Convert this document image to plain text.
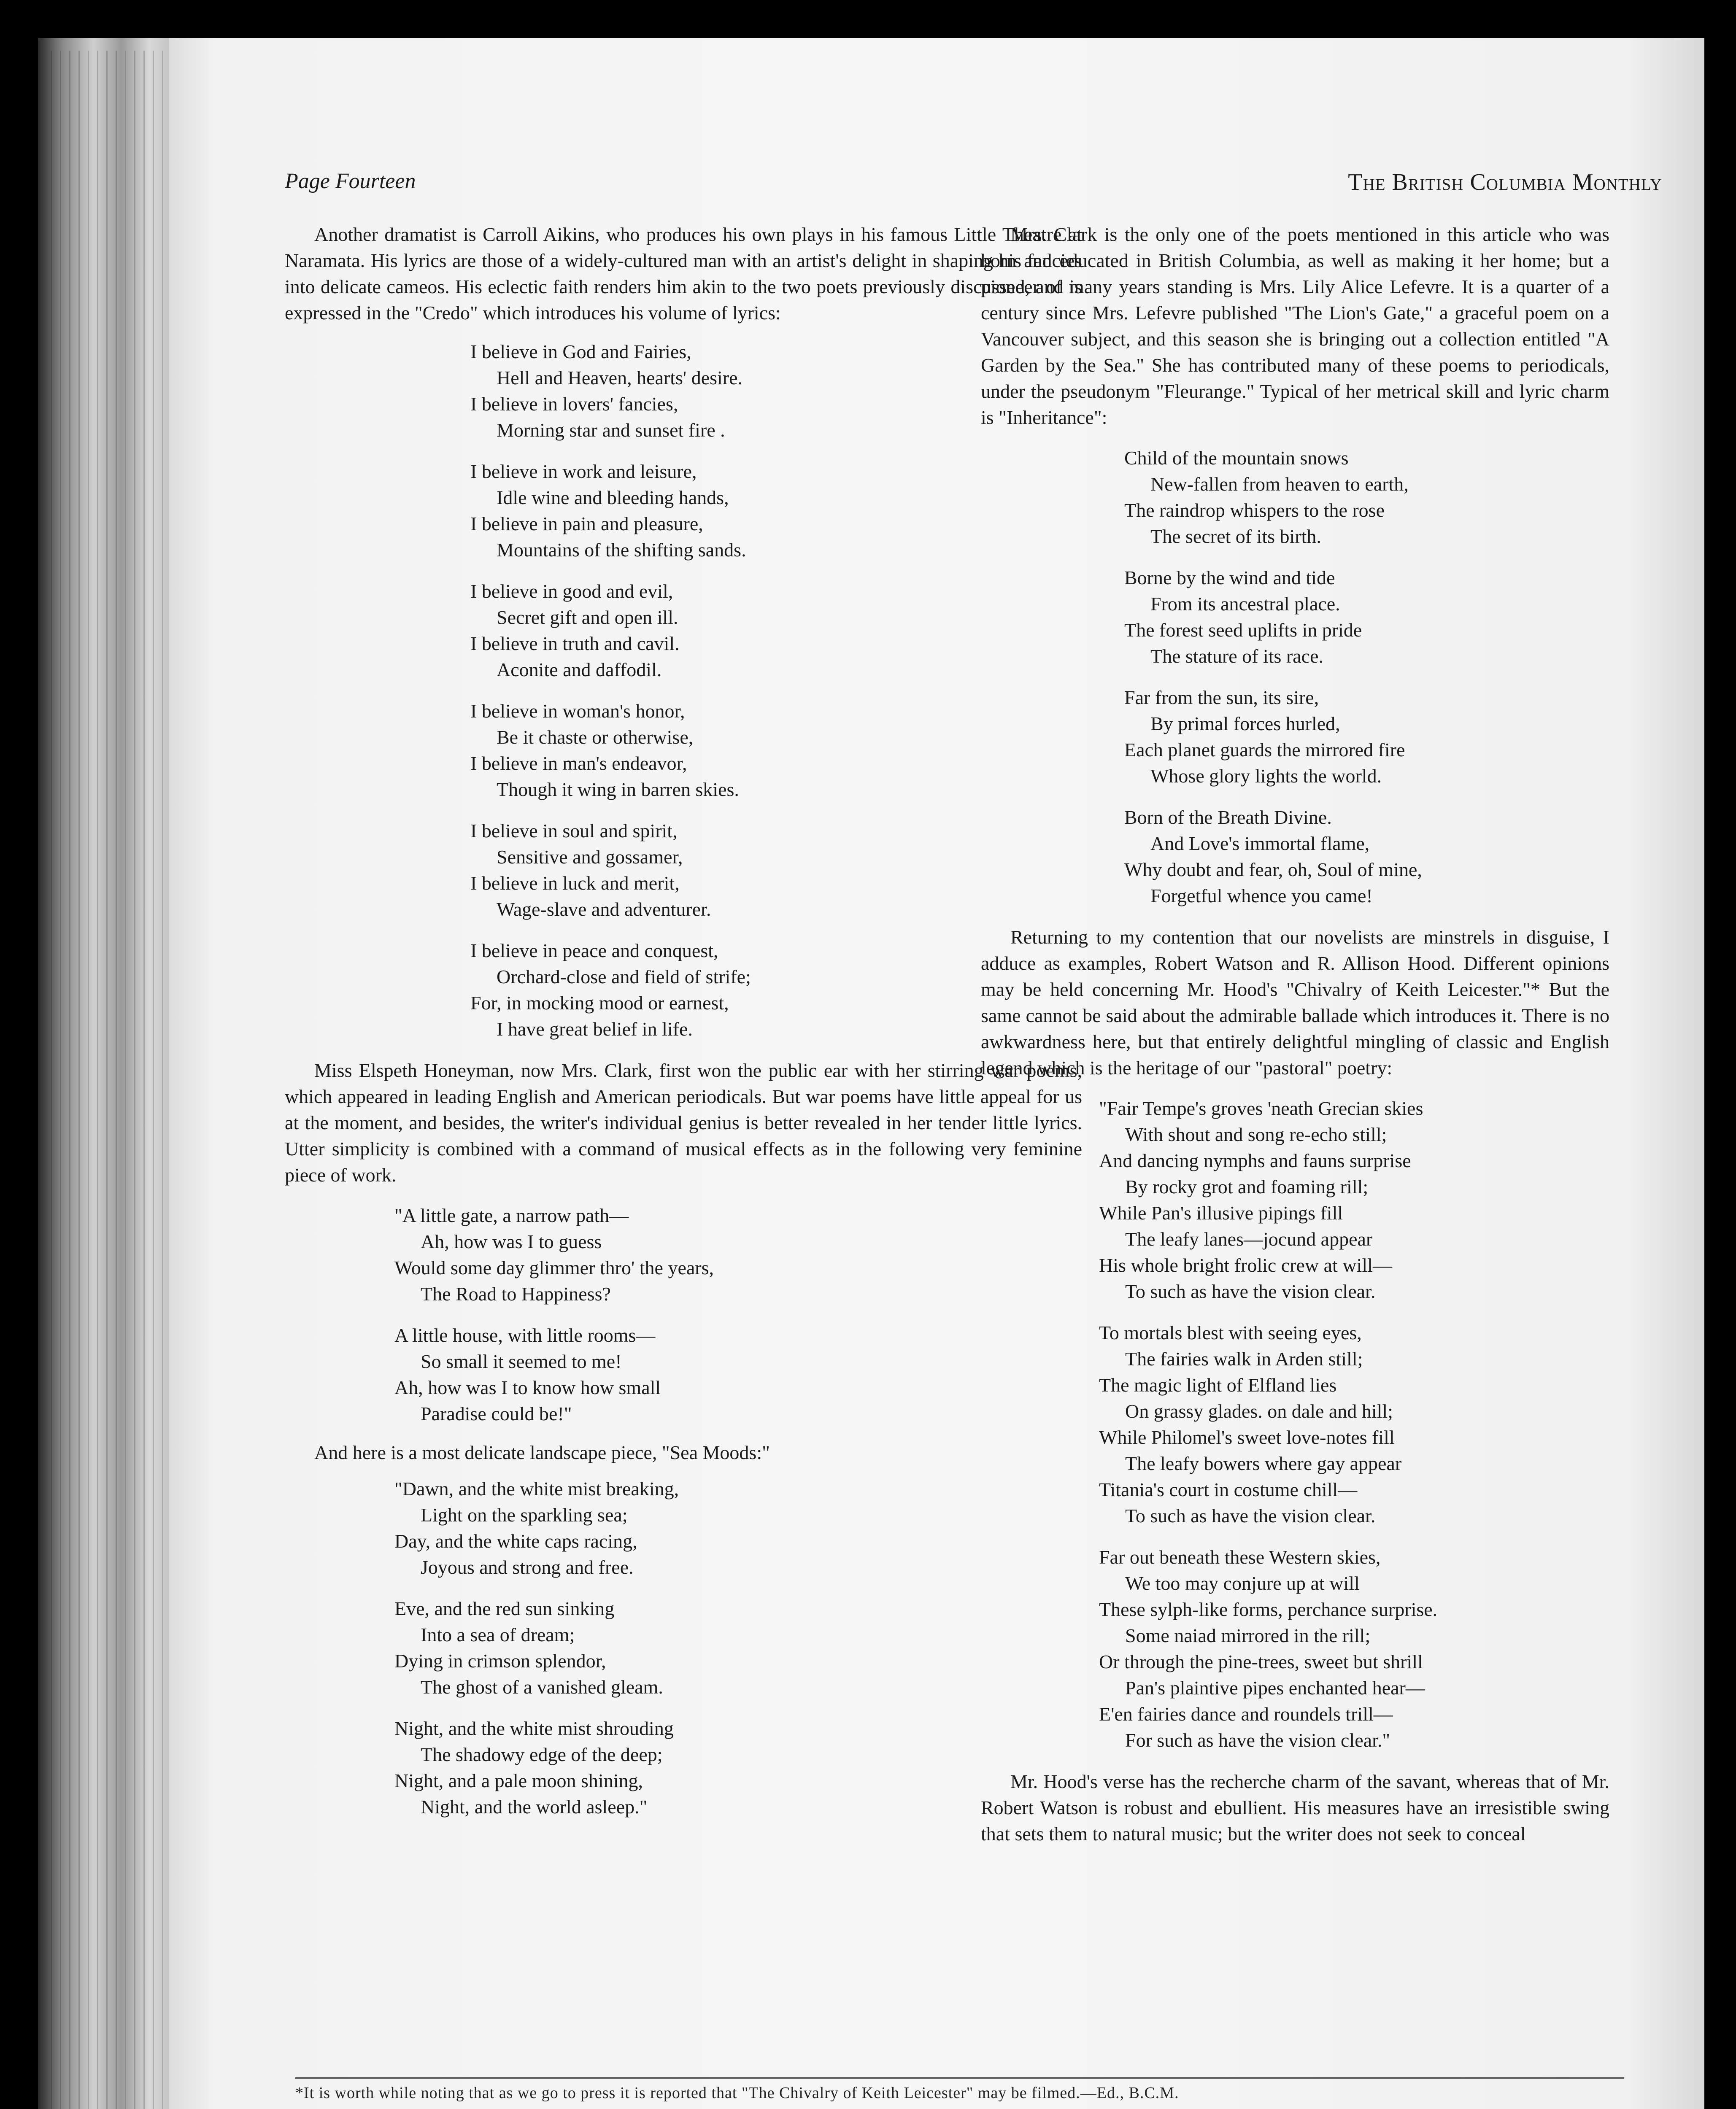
Page Fourteen	The British Columbia Monthly

Another dramatist is Carroll Aikins, who produces his own plays in his famous Little Theatre at Naramata. His lyrics are those of a widely-cultured man with an artist's delight in shaping his fancies into delicate cameos. His eclectic faith renders him akin to the two poets previously discussed, and is expressed in the "Credo" which introduces his volume of lyrics:

I believe in God and Fairies,
Hell and Heaven, hearts' desire.
I believe in lovers' fancies,
Morning star and sunset fire .
I believe in work and leisure,
Idle wine and bleeding hands,
I believe in pain and pleasure,
Mountains of the shifting sands.
I believe in good and evil,
Secret gift and open ill.
I believe in truth and cavil.
Aconite and daffodil.
I believe in woman's honor,
Be it chaste or otherwise,
I believe in man's endeavor,
Though it wing in barren skies.
I believe in soul and spirit,
Sensitive and gossamer,
I believe in luck and merit,
Wage-slave and adventurer.
I believe in peace and conquest,
Orchard-close and field of strife;
For, in mocking mood or earnest,
I have great belief in life.

Miss Elspeth Honeyman, now Mrs. Clark, first won the public ear with her stirring war poems, which appeared in leading English and American periodicals. But war poems have little appeal for us at the moment, and besides, the writer's individual genius is better revealed in her tender little lyrics. Utter simplicity is combined with a command of musical effects as in the following very feminine piece of work.

"A little gate, a narrow path—
Ah, how was I to guess
Would some day glimmer thro' the years,
The Road to Happiness?
A little house, with little rooms—
So small it seemed to me!
Ah, how was I to know how small
Paradise could be!"

And here is a most delicate landscape piece, "Sea Moods:"

"Dawn, and the white mist breaking,
Light on the sparkling sea;
Day, and the white caps racing,
Joyous and strong and free.
Eve, and the red sun sinking
Into a sea of dream;
Dying in crimson splendor,
The ghost of a vanished gleam.
Night, and the white mist shrouding
The shadowy edge of the deep;
Night, and a pale moon shining,
Night, and the world asleep."

Mrs. Clark is the only one of the poets mentioned in this article who was born and educated in British Columbia, as well as making it her home; but a pioneer of many years standing is Mrs. Lily Alice Lefevre. It is a quarter of a century since Mrs. Lefevre published "The Lion's Gate," a graceful poem on a Vancouver subject, and this season she is bringing out a collection entitled "A Garden by the Sea." She has contributed many of these poems to periodicals, under the pseudonym "Fleurange." Typical of her metrical skill and lyric charm is "Inheritance":

Child of the mountain snows
New-fallen from heaven to earth,
The raindrop whispers to the rose
The secret of its birth.
Borne by the wind and tide
From its ancestral place.
The forest seed uplifts in pride
The stature of its race.
Far from the sun, its sire,
By primal forces hurled,
Each planet guards the mirrored fire
Whose glory lights the world.
Born of the Breath Divine.
And Love's immortal flame,
Why doubt and fear, oh, Soul of mine,
Forgetful whence you came!

Returning to my contention that our novelists are minstrels in disguise, I adduce as examples, Robert Watson and R. Allison Hood. Different opinions may be held concerning Mr. Hood's "Chivalry of Keith Leicester."* But the same cannot be said about the admirable ballade which introduces it. There is no awkwardness here, but that entirely delightful mingling of classic and English legend which is the heritage of our "pastoral" poetry:

"Fair Tempe's groves 'neath Grecian skies
With shout and song re-echo still;
And dancing nymphs and fauns surprise
By rocky grot and foaming rill;
While Pan's illusive pipings fill
The leafy lanes—jocund appear
His whole bright frolic crew at will—
To such as have the vision clear.
To mortals blest with seeing eyes,
The fairies walk in Arden still;
The magic light of Elfland lies
On grassy glades. on dale and hill;
While Philomel's sweet love-notes fill
The leafy bowers where gay appear
Titania's court in costume chill—
To such as have the vision clear.
Far out beneath these Western skies,
We too may conjure up at will
These sylph-like forms, perchance surprise.
Some naiad mirrored in the rill;
Or through the pine-trees, sweet but shrill
Pan's plaintive pipes enchanted hear—
E'en fairies dance and roundels trill—
For such as have the vision clear."

Mr. Hood's verse has the recherche charm of the savant, whereas that of Mr. Robert Watson is robust and ebullient. His measures have an irresistible swing that sets them to natural music; but the writer does not seek to conceal

*It is worth while noting that as we go to press it is reported that "The Chivalry of Keith Leicester" may be filmed.—Ed., B.C.M.
